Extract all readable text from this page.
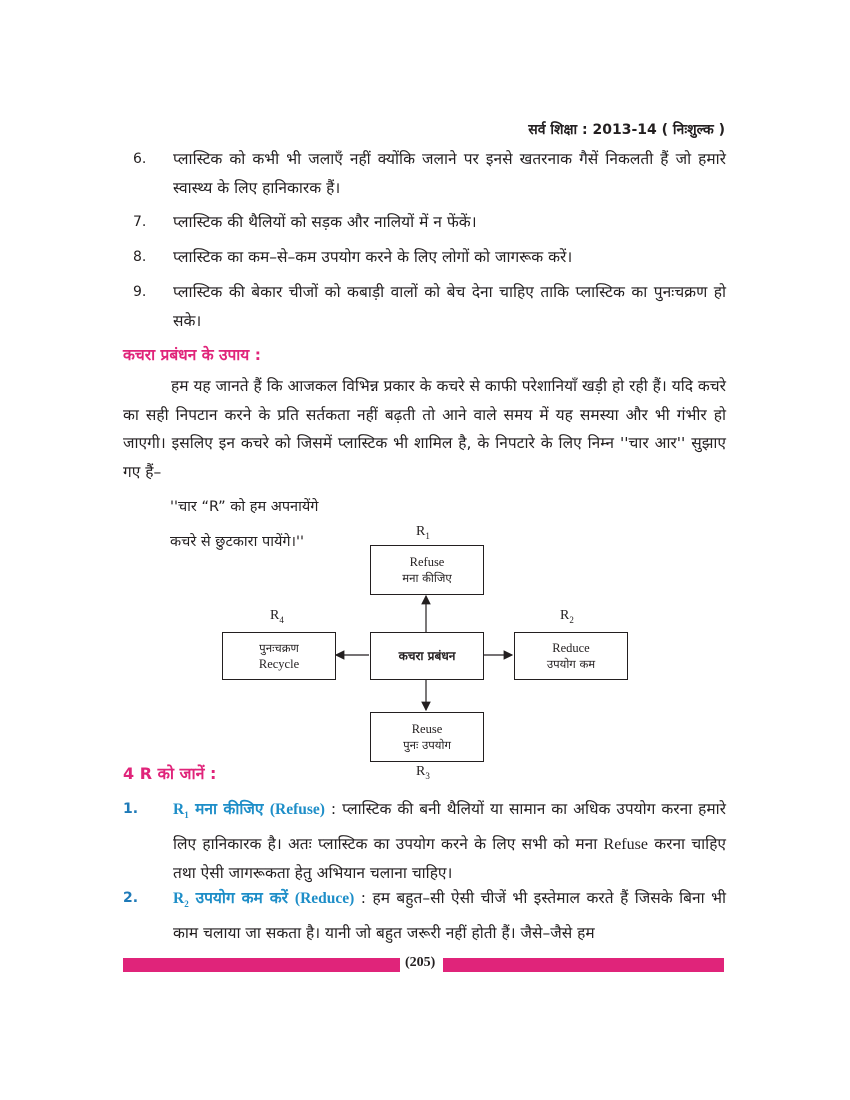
सर्व शिक्षा : 2013-14 ( निःशुल्क )
6. प्लास्टिक को कभी भी जलाएँ नहीं क्योंकि जलाने पर इनसे खतरनाक गैसें निकलती हैं जो हमारे स्वास्थ्य के लिए हानिकारक हैं।
7. प्लास्टिक की थैलियों को सड़क और नालियों में न फेंकें।
8. प्लास्टिक का कम–से–कम उपयोग करने के लिए लोगों को जागरूक करें।
9. प्लास्टिक की बेकार चीजों को कबाड़ी वालों को बेच देना चाहिए ताकि प्लास्टिक का पुनःचक्रण हो सके।
कचरा प्रबंधन के उपाय :
हम यह जानते हैं कि आजकल विभिन्न प्रकार के कचरे से काफी परेशानियाँ खड़ी हो रही हैं। यदि कचरे का सही निपटान करने के प्रति सर्तकता नहीं बढ़ती तो आने वाले समय में यह समस्या और भी गंभीर हो जाएगी। इसलिए इन कचरे को जिसमें प्लास्टिक भी शामिल है, के निपटारे के लिए निम्न ''चार आर'' सुझाए गए हैं–
''चार “R” को हम अपनायेंगे
कचरे से छुटकारा पायेंगे।''
$R_1$
Refuse
मना कीजिए
$R_4$
पुनःचक्रण
Recycle
कचरा प्रबंधन
$R_2$
Reduce
उपयोग कम
Reuse
पुनः उपयोग
$R_3$
4 R को जानें :
1. $R_1$ मना कीजिए (Refuse) : प्लास्टिक की बनी थैलियों या सामान का अधिक उपयोग करना हमारे लिए हानिकारक है। अतः प्लास्टिक का उपयोग करने के लिए सभी को मना Refuse करना चाहिए तथा ऐसी जागरूकता हेतु अभियान चलाना चाहिए।
2. $R_2$ उपयोग कम करें (Reduce) : हम बहुत–सी ऐसी चीजें भी इस्तेमाल करते हैं जिसके बिना भी काम चलाया जा सकता है। यानी जो बहुत जरूरी नहीं होती हैं। जैसे–जैसे हम
(205)
